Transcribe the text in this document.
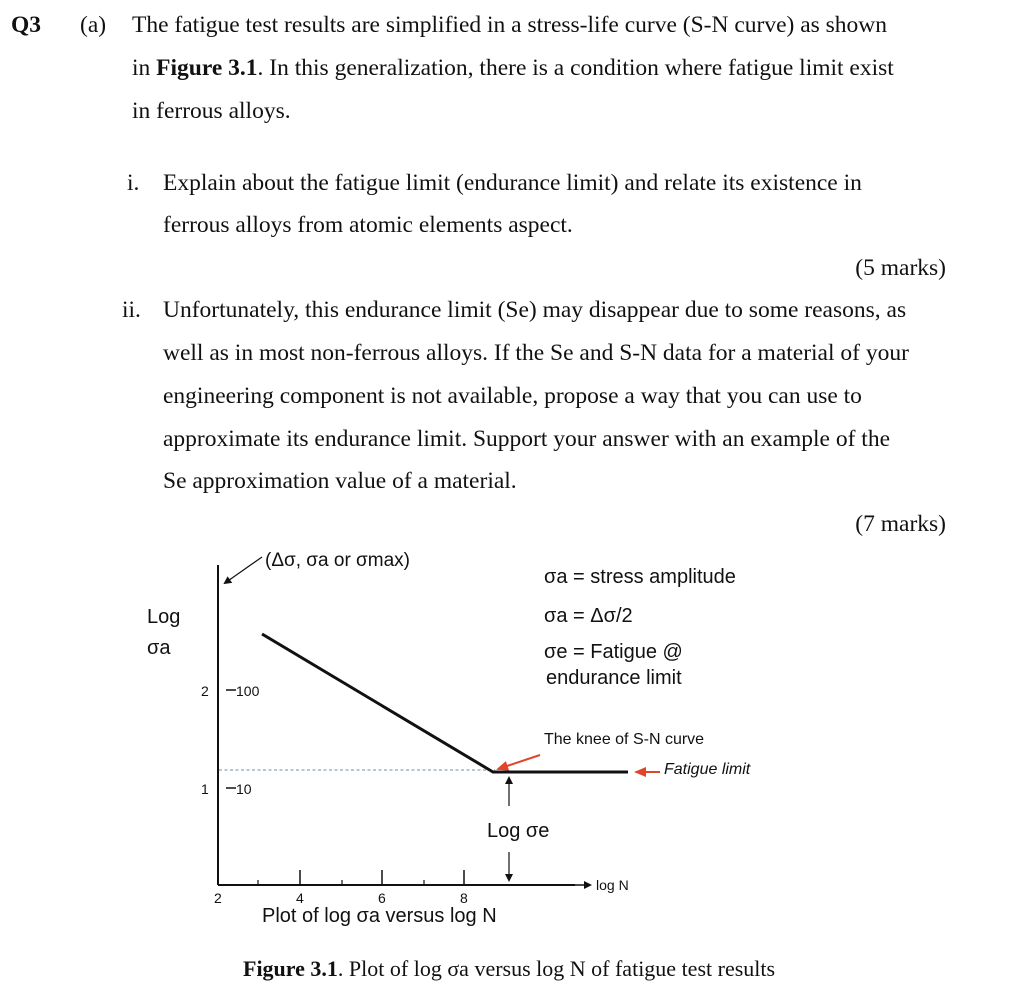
Q3 (a) The fatigue test results are simplified in a stress-life curve (S-N curve) as shown
in Figure 3.1. In this generalization, there is a condition where fatigue limit exist
in ferrous alloys.
i. Explain about the fatigue limit (endurance limit) and relate its existence in
ferrous alloys from atomic elements aspect.
(5 marks)
ii. Unfortunately, this endurance limit (Se) may disappear due to some reasons, as
well as in most non-ferrous alloys. If the Se and S-N data for a material of your
engineering component is not available, propose a way that you can use to
approximate its endurance limit. Support your answer with an example of the
Se approximation value of a material.
(7 marks)
(Δσ, σa or σmax)
Log
σa
2 100
1 10
σa = stress amplitude
σa = Δσ/2
σe = Fatigue @
endurance limit
The knee of S-N curve
Fatigue limit
Log σe
2	4	6	8
log N
Plot of log σa versus log N
Figure 3.1. Plot of log σa versus log N of fatigue test results
